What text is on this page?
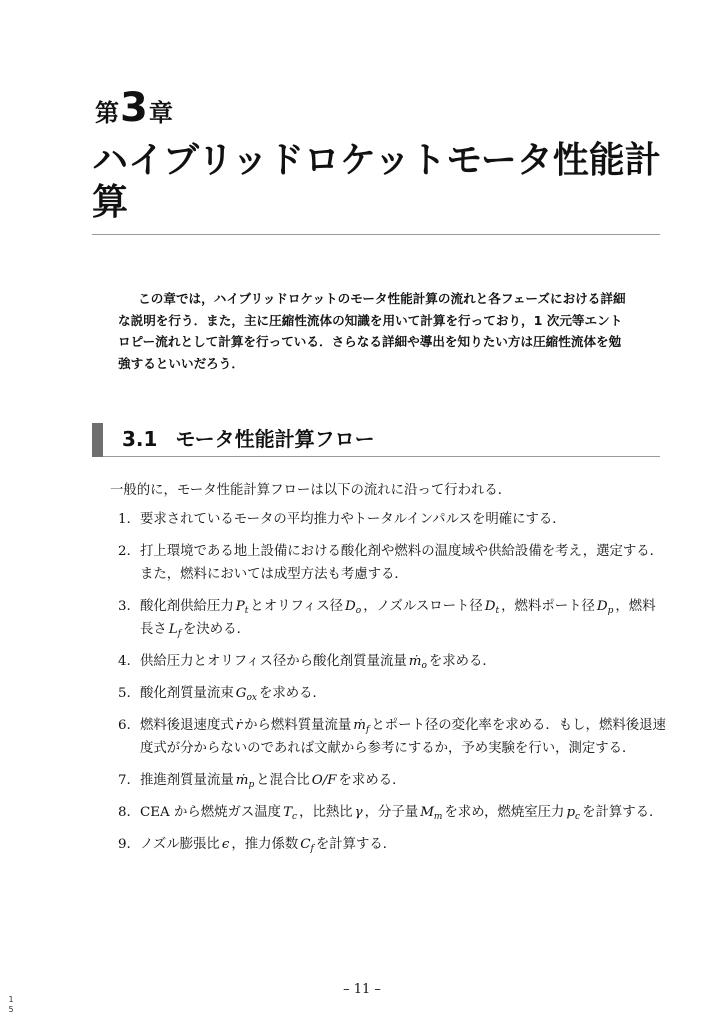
第3章
ハイブリッドロケットモータ性能計算

この章では，ハイブリッドロケットのモータ性能計算の流れと各フェーズにおける詳細な説明を行う．また，主に圧縮性流体の知識を用いて計算を行っており，1 次元等エントロピー流れとして計算を行っている．さらなる詳細や導出を知りたい方は圧縮性流体を勉強するといいだろう．

3.1 モータ性能計算フロー

一般的に，モータ性能計算フローは以下の流れに沿って行われる．

1. 要求されているモータの平均推力やトータルインパルスを明確にする．
2. 打上環境である地上設備における酸化剤や燃料の温度域や供給設備を考え，選定する．また，燃料においては成型方法も考慮する．
3. 酸化剤供給圧力 $P_t$ とオリフィス径 $D_o$ ，ノズルスロート径 $D_t$ ，燃料ポート径 $D_p$ ，燃料長さ $L_f$ を決める．
4. 供給圧力とオリフィス径から酸化剤質量流量 ṁ$_o$ を求める．
5. 酸化剤質量流束 $G_{ox}$ を求める．
6. 燃料後退速度式 ṙ から燃料質量流量 ṁ$_f$ とポート径の変化率を求める．もし，燃料後退速度式が分からないのであれば文献から参考にするか，予め実験を行い，測定する．
7. 推進剤質量流量 ṁ$_p$ と混合比 O/F を求める．
8. CEA から燃焼ガス温度 $T_c$ ，比熱比 γ ，分子量 $M_m$ を求め，燃焼室圧力 $p_c$ を計算する．
9. ノズル膨張比 ϵ ，推力係数 $C_f$ を計算する．
– 11 –
1
5
